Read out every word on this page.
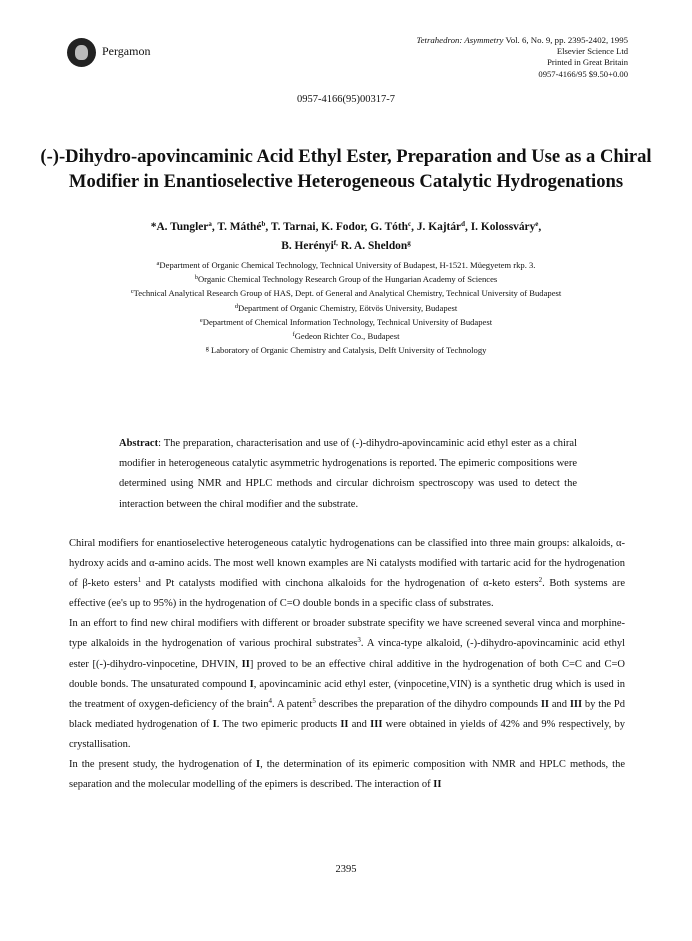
Pergamon
Tetrahedron: Asymmetry Vol. 6, No. 9, pp. 2395-2402, 1995
Elsevier Science Ltd
Printed in Great Britain
0957-4166/95 $9.50+0.00
0957-4166(95)00317-7
(-)-Dihydro-apovincaminic Acid Ethyl Ester, Preparation and Use as a Chiral Modifier in Enantioselective Heterogeneous Catalytic Hydrogenations
*A. Tungler$^a$, T. Máthé$^b$, T. Tarnai, K. Fodor, G. Tóth$^c$, J. Kajtár$^d$, I. Kolossváry$^e$,
B. Herényi$^{f,}$ R. A. Sheldon$^g$
$^a$Department of Organic Chemical Technology, Technical University of Budapest, H-1521. Müegyetem rkp. 3.
$^b$Organic Chemical Technology Research Group of the Hungarian Academy of Sciences
$^c$Technical Analytical Research Group of HAS, Dept. of General and Analytical Chemistry, Technical University of Budapest
$^d$Department of Organic Chemistry, Eötvös University, Budapest
$^e$Department of Chemical Information Technology, Technical University of Budapest
$^f$Gedeon Richter Co., Budapest
$^g$ Laboratory of Organic Chemistry and Catalysis, Delft University of Technology
Abstract: The preparation, characterisation and use of (-)-dihydro-apovincaminic acid ethyl ester as a chiral modifier in heterogeneous catalytic asymmetric hydrogenations is reported. The epimeric compositions were determined using NMR and HPLC methods and circular dichroism spectroscopy was used to detect the interaction between the chiral modifier and the substrate.

Chiral modifiers for enantioselective heterogeneous catalytic hydrogenations can be classified into three main groups: alkaloids, α-hydroxy acids and α-amino acids. The most well known examples are Ni catalysts modified with tartaric acid for the hydrogenation of β-keto esters$^1$ and Pt catalysts modified with cinchona alkaloids for the hydrogenation of α-keto esters$^2$. Both systems are effective (ee's up to 95%) in the hydrogenation of C=O double bonds in a specific class of substrates.

In an effort to find new chiral modifiers with different or broader substrate specifity we have screened several vinca and morphine-type alkaloids in the hydrogenation of various prochiral substrates$^3$. A vinca-type alkaloid, (-)-dihydro-apovincaminic acid ethyl ester [(-)-dihydro-vinpocetine, DHVIN, II] proved to be an effective chiral additive in the hydrogenation of both C=C and C=O double bonds. The unsaturated compound I, apovincaminic acid ethyl ester, (vinpocetine,VIN) is a synthetic drug which is used in the treatment of oxygen-deficiency of the brain$^4$. A patent$^5$ describes the preparation of the dihydro compounds II and III by the Pd black mediated hydrogenation of I. The two epimeric products II and III were obtained in yields of 42% and 9% respectively, by crystallisation.

In the present study, the hydrogenation of I, the determination of its epimeric composition with NMR and HPLC methods, the separation and the molecular modelling of the epimers is described. The interaction of II

2395
